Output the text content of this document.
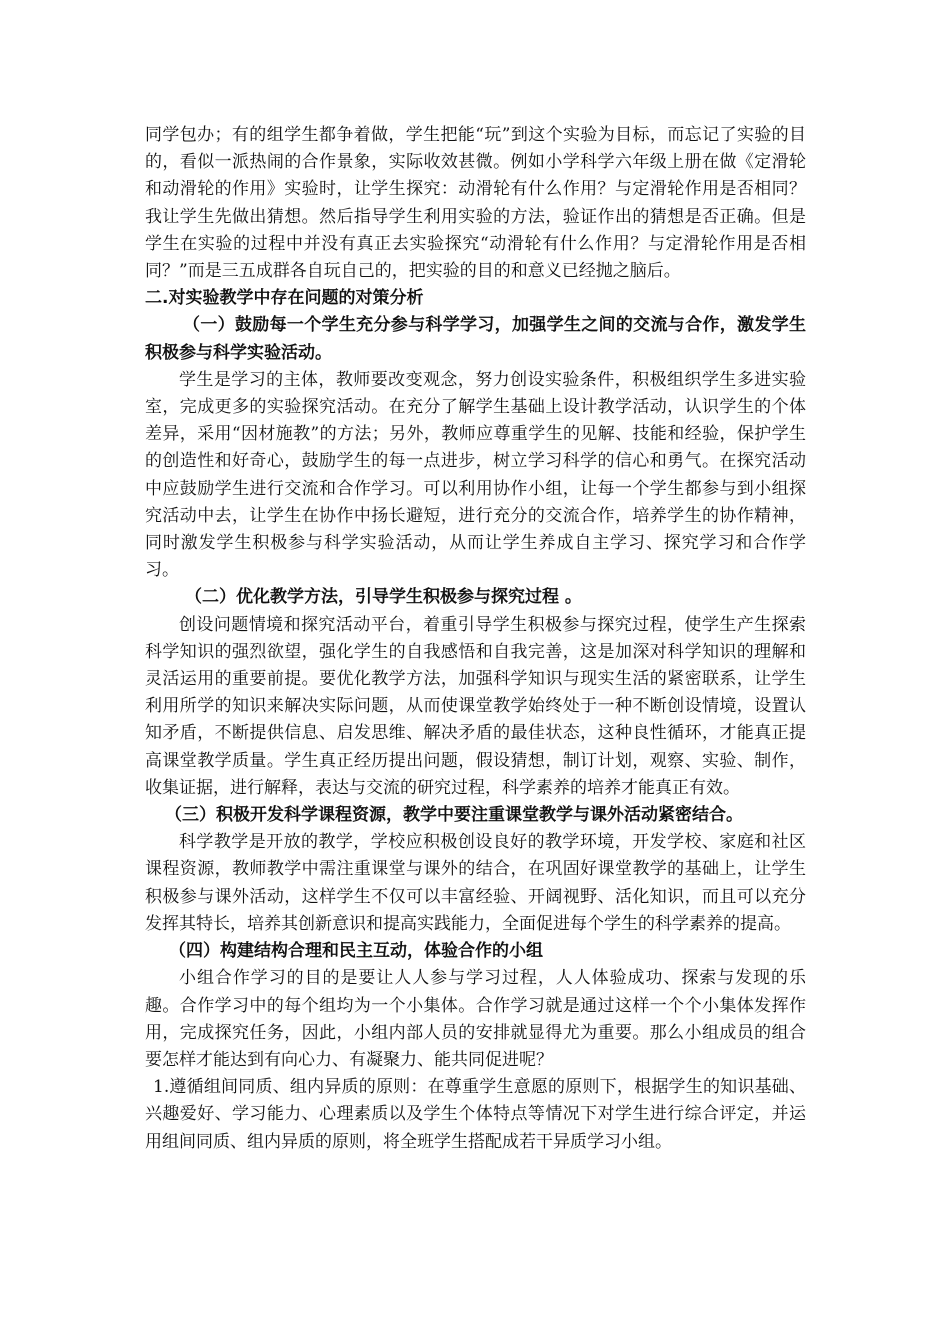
同学包办；有的组学生都争着做，学生把能“玩”到这个实验为目标，而忘记了实验的目的，看似一派热闹的合作景象，实际收效甚微。例如小学科学六年级上册在做《定滑轮和动滑轮的作用》实验时，让学生探究：动滑轮有什么作用？与定滑轮作用是否相同？我让学生先做出猜想。然后指导学生利用实验的方法，验证作出的猜想是否正确。但是学生在实验的过程中并没有真正去实验探究“动滑轮有什么作用？与定滑轮作用是否相同？”而是三五成群各自玩自己的，把实验的目的和意义已经抛之脑后。

二.对实验教学中存在问题的对策分析

（一）鼓励每一个学生充分参与科学学习，加强学生之间的交流与合作，激发学生积极参与科学实验活动。

学生是学习的主体，教师要改变观念，努力创设实验条件，积极组织学生多进实验室，完成更多的实验探究活动。在充分了解学生基础上设计教学活动，认识学生的个体差异，采用“因材施教”的方法；另外，教师应尊重学生的见解、技能和经验，保护学生的创造性和好奇心，鼓励学生的每一点进步，树立学习科学的信心和勇气。在探究活动中应鼓励学生进行交流和合作学习。可以利用协作小组，让每一个学生都参与到小组探究活动中去，让学生在协作中扬长避短，进行充分的交流合作，培养学生的协作精神，同时激发学生积极参与科学实验活动，从而让学生养成自主学习、探究学习和合作学习。

（二）优化教学方法，引导学生积极参与探究过程 。

创设问题情境和探究活动平台，着重引导学生积极参与探究过程，使学生产生探索科学知识的强烈欲望，强化学生的自我感悟和自我完善，这是加深对科学知识的理解和灵活运用的重要前提。要优化教学方法，加强科学知识与现实生活的紧密联系，让学生利用所学的知识来解决实际问题，从而使课堂教学始终处于一种不断创设情境，设置认知矛盾，不断提供信息、启发思维、解决矛盾的最佳状态，这种良性循环，才能真正提高课堂教学质量。学生真正经历提出问题，假设猜想，制订计划，观察、实验、制作，收集证据，进行解释，表达与交流的研究过程，科学素养的培养才能真正有效。

（三）积极开发科学课程资源，教学中要注重课堂教学与课外活动紧密结合。

科学教学是开放的教学，学校应积极创设良好的教学环境，开发学校、家庭和社区课程资源，教师教学中需注重课堂与课外的结合，在巩固好课堂教学的基础上，让学生积极参与课外活动，这样学生不仅可以丰富经验、开阔视野、活化知识，而且可以充分发挥其特长，培养其创新意识和提高实践能力，全面促进每个学生的科学素养的提高。

（四）构建结构合理和民主互动，体验合作的小组

小组合作学习的目的是要让人人参与学习过程，人人体验成功、探索与发现的乐趣。合作学习中的每个组均为一个小集体。合作学习就是通过这样一个个小集体发挥作用，完成探究任务，因此，小组内部人员的安排就显得尤为重要。那么小组成员的组合要怎样才能达到有向心力、有凝聚力、能共同促进呢？

1.遵循组间同质、组内异质的原则：在尊重学生意愿的原则下，根据学生的知识基础、兴趣爱好、学习能力、心理素质以及学生个体特点等情况下对学生进行综合评定，并运用组间同质、组内异质的原则，将全班学生搭配成若干异质学习小组。
